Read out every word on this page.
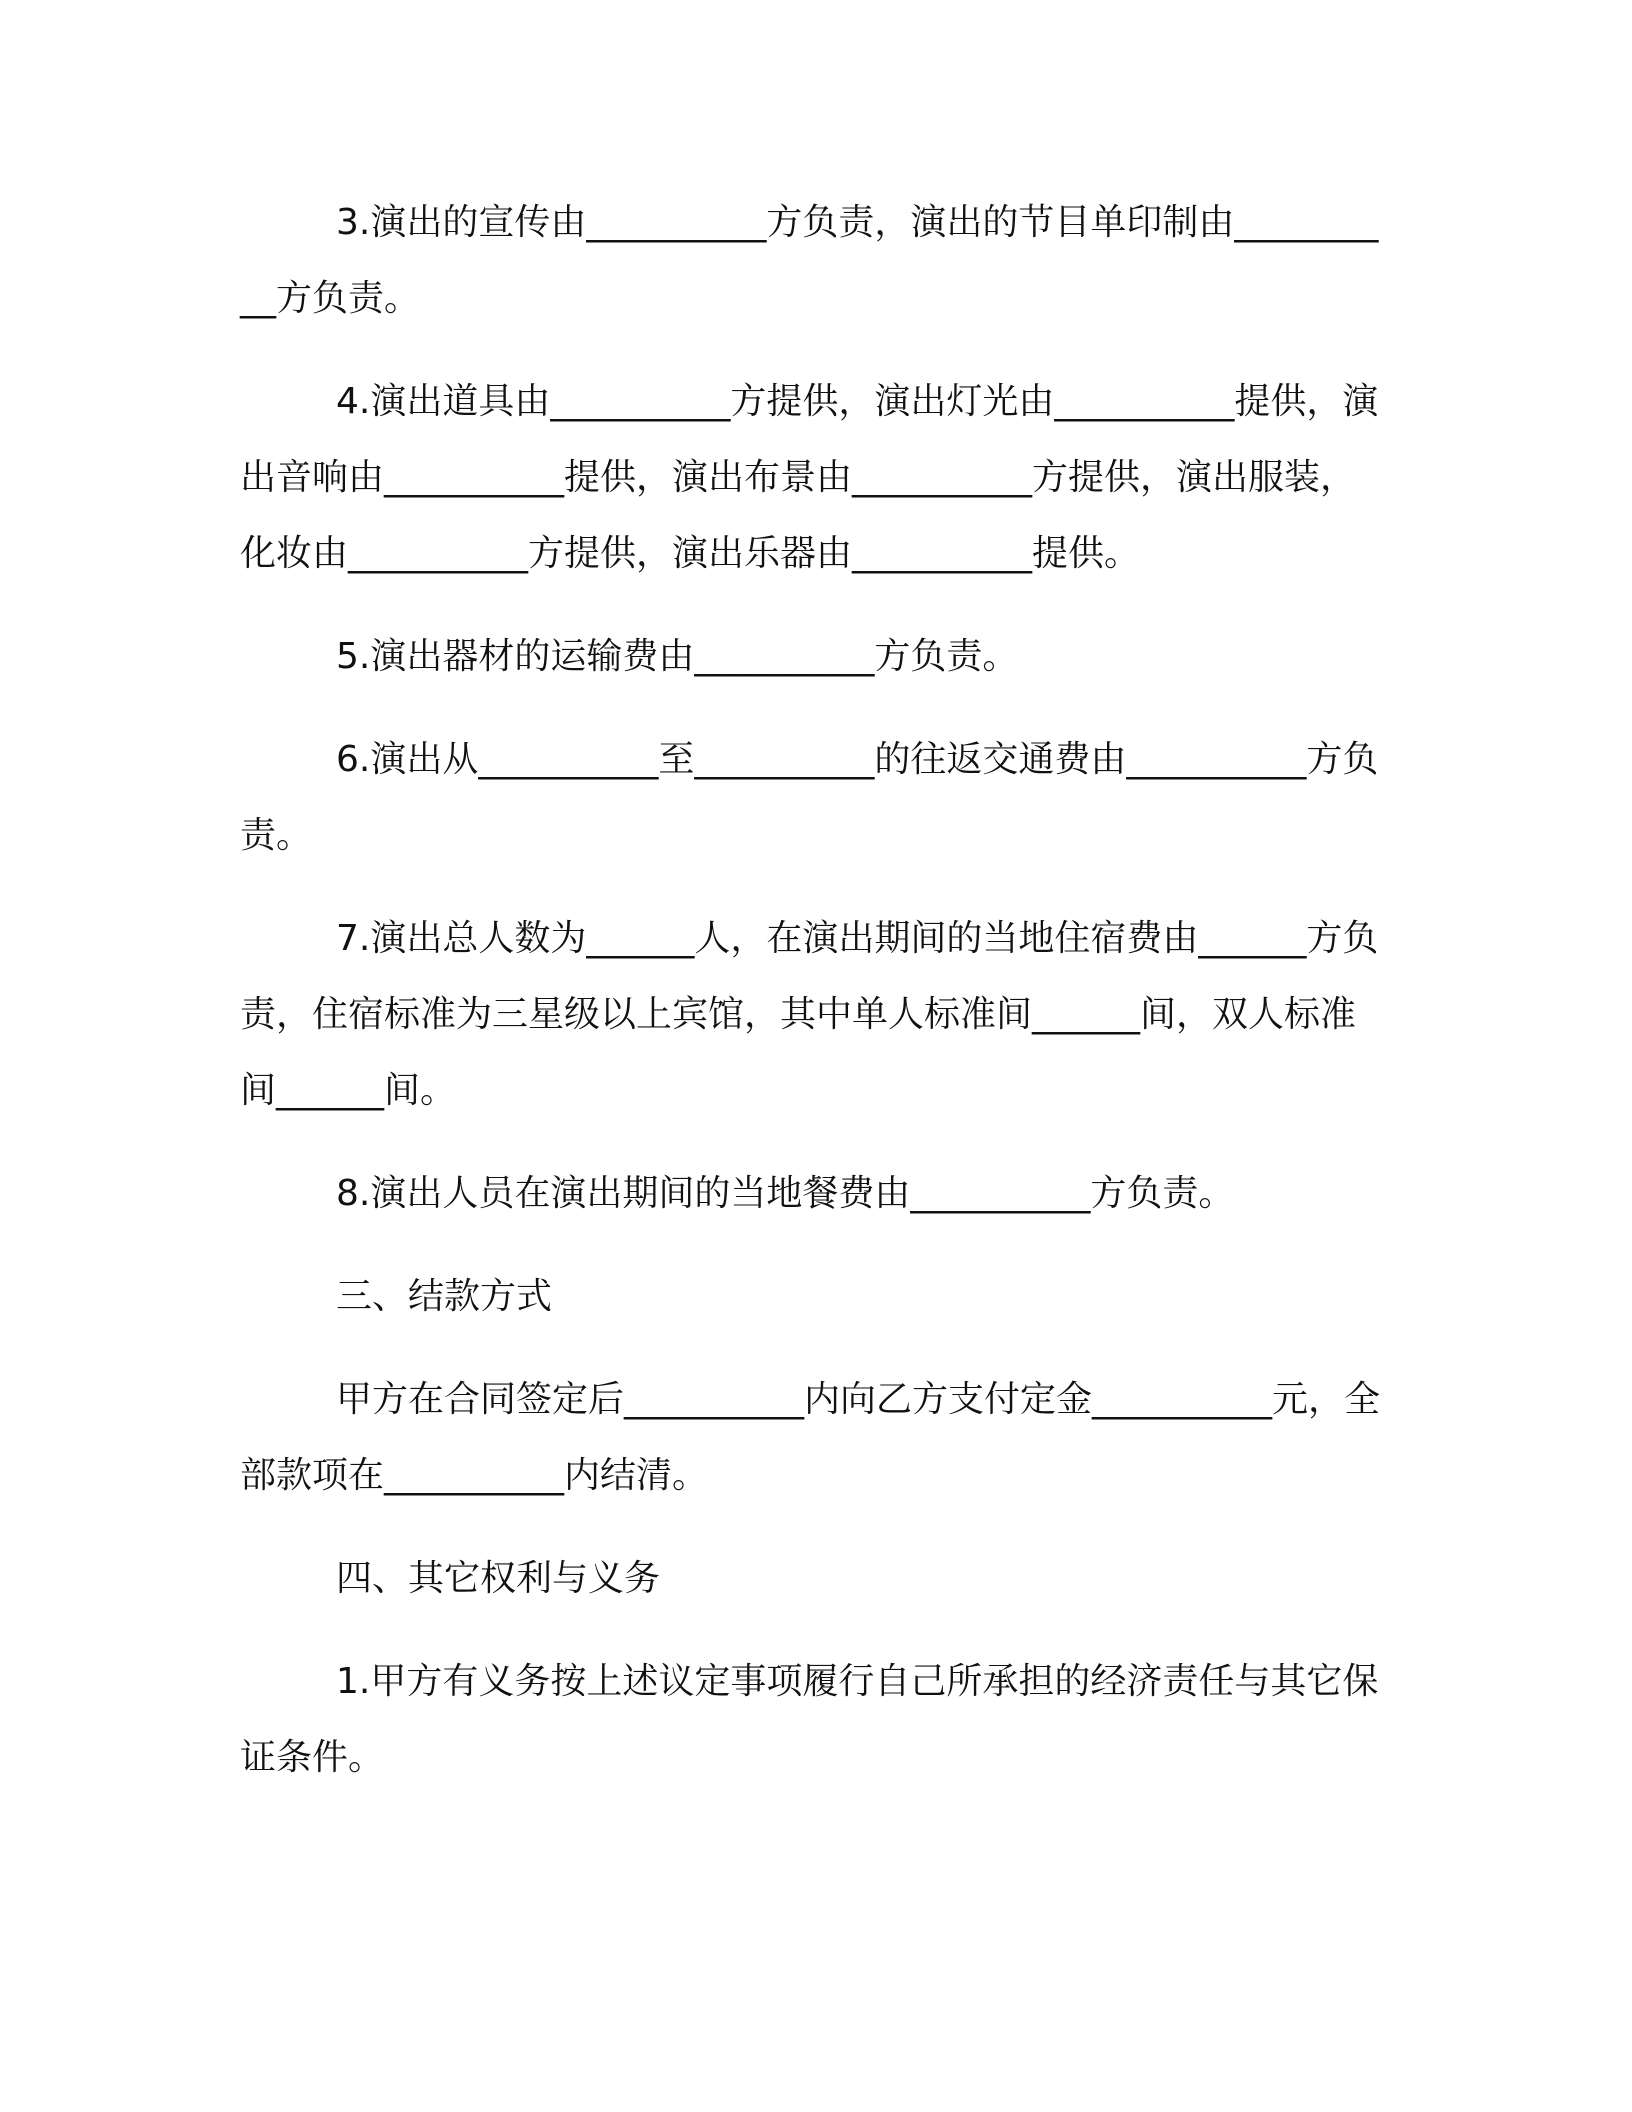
3.演出的宣传由__________方负责，演出的节目单印制由__________方负责。

4.演出道具由__________方提供，演出灯光由__________提供，演出音响由__________提供，演出布景由__________方提供，演出服装，化妆由__________方提供，演出乐器由__________提供。

5.演出器材的运输费由__________方负责。

6.演出从__________至__________的往返交通费由__________方负责。

7.演出总人数为______人，在演出期间的当地住宿费由______方负责，住宿标准为三星级以上宾馆，其中单人标准间______间，双人标准间______间。

8.演出人员在演出期间的当地餐费由__________方负责。

三、结款方式

甲方在合同签定后__________内向乙方支付定金__________元，全部款项在__________内结清。

四、其它权利与义务

1.甲方有义务按上述议定事项履行自己所承担的经济责任与其它保证条件。
